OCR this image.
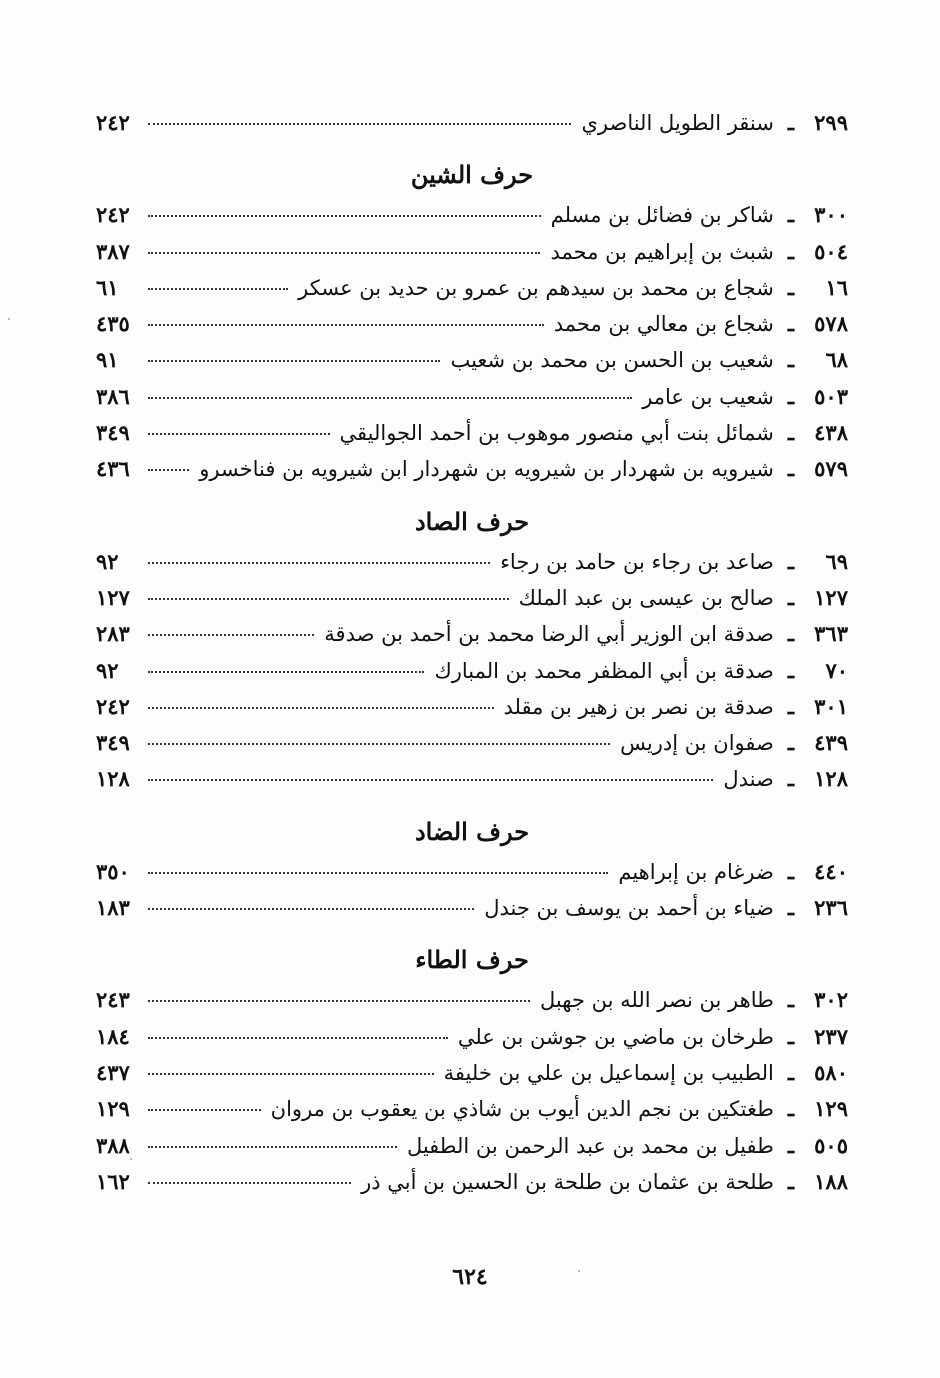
٢٩٩
ـ
سنقر الطويل الناصري
٢٤٢
حرف الشين
٣٠٠
ـ
شاكر بن فضائل بن مسلم
٢٤٢
٥٠٤
ـ
شبث بن إبراهيم بن محمد
٣٨٧
١٦
ـ
شجاع بن محمد بن سيدهم بن عمرو بن حديد بن عسكر
٦١
٥٧٨
ـ
شجاع بن معالي بن محمد
٤٣٥
٦٨
ـ
شعيب بن الحسن بن محمد بن شعيب
٩١
٥٠٣
ـ
شعيب بن عامر
٣٨٦
٤٣٨
ـ
شمائل بنت أبي منصور موهوب بن أحمد الجواليقي
٣٤٩
٥٧٩
ـ
شيرويه بن شهردار بن شيرويه بن شهردار ابن شيرويه بن فناخسرو
٤٣٦
حرف الصاد
٦٩
ـ
صاعد بن رجاء بن حامد بن رجاء
٩٢
١٢٧
ـ
صالح بن عيسى بن عبد الملك
١٢٧
٣٦٣
ـ
صدقة ابن الوزير أبي الرضا محمد بن أحمد بن صدقة
٢٨٣
٧٠
ـ
صدقة بن أبي المظفر محمد بن المبارك
٩٢
٣٠١
ـ
صدقة بن نصر بن زهير بن مقلد
٢٤٢
٤٣٩
ـ
صفوان بن إدريس
٣٤٩
١٢٨
ـ
صندل
١٢٨
حرف الضاد
٤٤٠
ـ
ضرغام بن إبراهيم
٣٥٠
٢٣٦
ـ
ضياء بن أحمد بن يوسف بن جندل
١٨٣
حرف الطاء
٣٠٢
ـ
طاهر بن نصر الله بن جهبل
٢٤٣
٢٣٧
ـ
طرخان بن ماضي بن جوشن بن علي
١٨٤
٥٨٠
ـ
الطبيب بن إسماعيل بن علي بن خليفة
٤٣٧
١٢٩
ـ
طغتكين بن نجم الدين أيوب بن شاذي بن يعقوب بن مروان
١٢٩
٥٠٥
ـ
طفيل بن محمد بن عبد الرحمن بن الطفيل
٣٨٨
١٨٨
ـ
طلحة بن عثمان بن طلحة بن الحسين بن أبي ذر
١٦٢
٦٢٤
